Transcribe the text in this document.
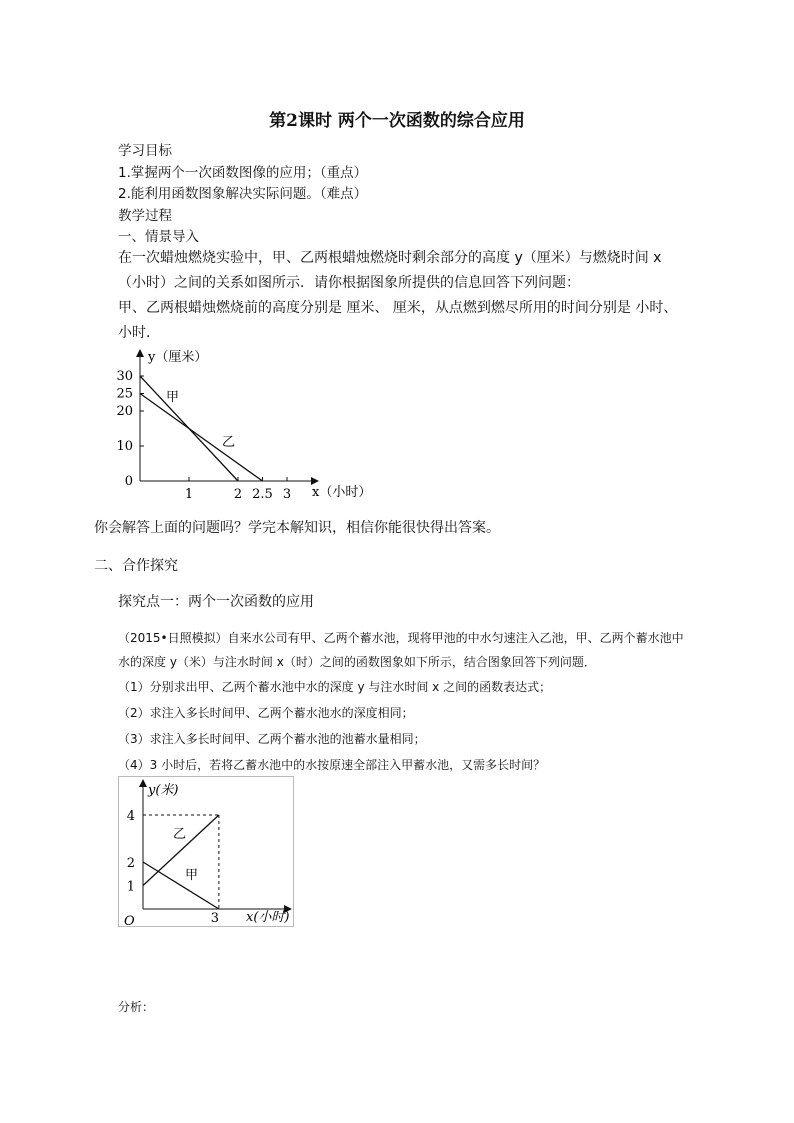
第2课时 两个一次函数的综合应用
学习目标
1.掌握两个一次函数图像的应用；（重点）
2.能利用函数图象解决实际问题。（难点）
教学过程
一、情景导入
在一次蜡烛燃烧实验中，甲、乙两根蜡烛燃烧时剩余部分的高度 y（厘米）与燃烧时间 x（小时）之间的关系如图所示．请你根据图象所提供的信息回答下列问题：
甲、乙两根蜡烛燃烧前的高度分别是 厘米、 厘米，从点燃到燃尽所用的时间分别是 小时、 小时．
1	2 2.5 3
0
10
20
25
30
y（厘米）
x（小时）
甲
乙
你会解答上面的问题吗？学完本解知识，相信你能很快得出答案。
二、合作探究
探究点一：两个一次函数的应用
（2015•日照模拟）自来水公司有甲、乙两个蓄水池，现将甲池的中水匀速注入乙池，甲、乙两个蓄水池中水的深度 y（米）与注水时间 x（时）之间的函数图象如下所示，结合图象回答下列问题．
（1）分别求出甲、乙两个蓄水池中水的深度 y 与注水时间 x 之间的函数表达式；
（2）求注入多长时间甲、乙两个蓄水池水的深度相同；
（3）求注入多长时间甲、乙两个蓄水池的池蓄水量相同；
（4）3 小时后，若将乙蓄水池中的水按原速全部注入甲蓄水池，又需多长时间？
3
1
2
4
y(米)
x(小时)
O
乙
甲
分析：
